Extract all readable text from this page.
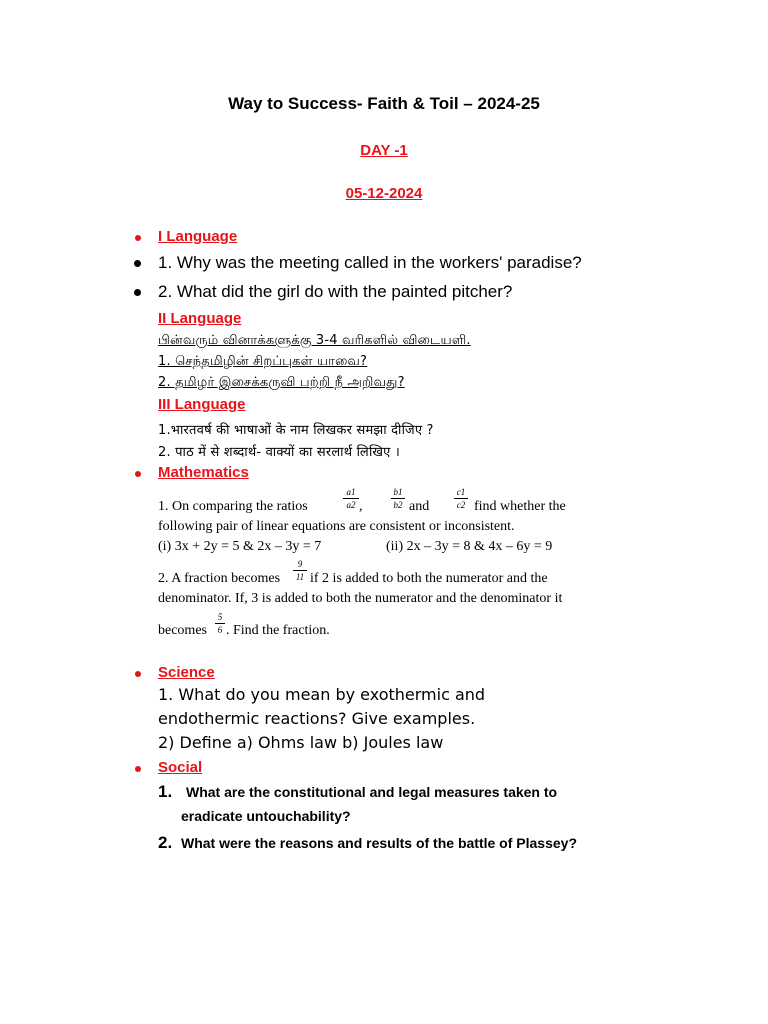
Way to Success- Faith & Toil – 2024-25
DAY -1
05-12-2024
I Language
1. Why was the meeting called in the workers' paradise?
2. What did the girl do with the painted pitcher?
II Language
பின்வரும் வினாக்களுக்கு 3-4 வரிகளில் விடையளி.
1. செந்தமிழின் சிறப்புகள் யாவை?
2. தமிழர் இசைக்கருவி பற்றி நீ அறிவது?
III Language
1.भारतवर्ष की भाषाओं के नाम लिखकर समझा दीजिए ?
2. पाठ में से शब्दार्थ- वाक्यों का सरलार्थ लिखिए ।
Mathematics
1. On comparing the ratios
a1
a2 ,
b1
b2 and
c1
c2 find whether the
following pair of linear equations are consistent or inconsistent.
(i) 3x + 2y = 5 & 2x – 3y = 7	(ii) 2x – 3y = 8 & 4x – 6y = 9
2. A fraction becomes
9
11 if 2 is added to both the numerator and the
denominator. If, 3 is added to both the numerator and the denominator it
becomes
5
6 . Find the fraction.
Science
1. What do you mean by exothermic and
endothermic reactions? Give examples.
2) Define a) Ohms law b) Joules law
Social
1. What are the constitutional and legal measures taken to
eradicate untouchability?
2. What were the reasons and results of the battle of Plassey?
